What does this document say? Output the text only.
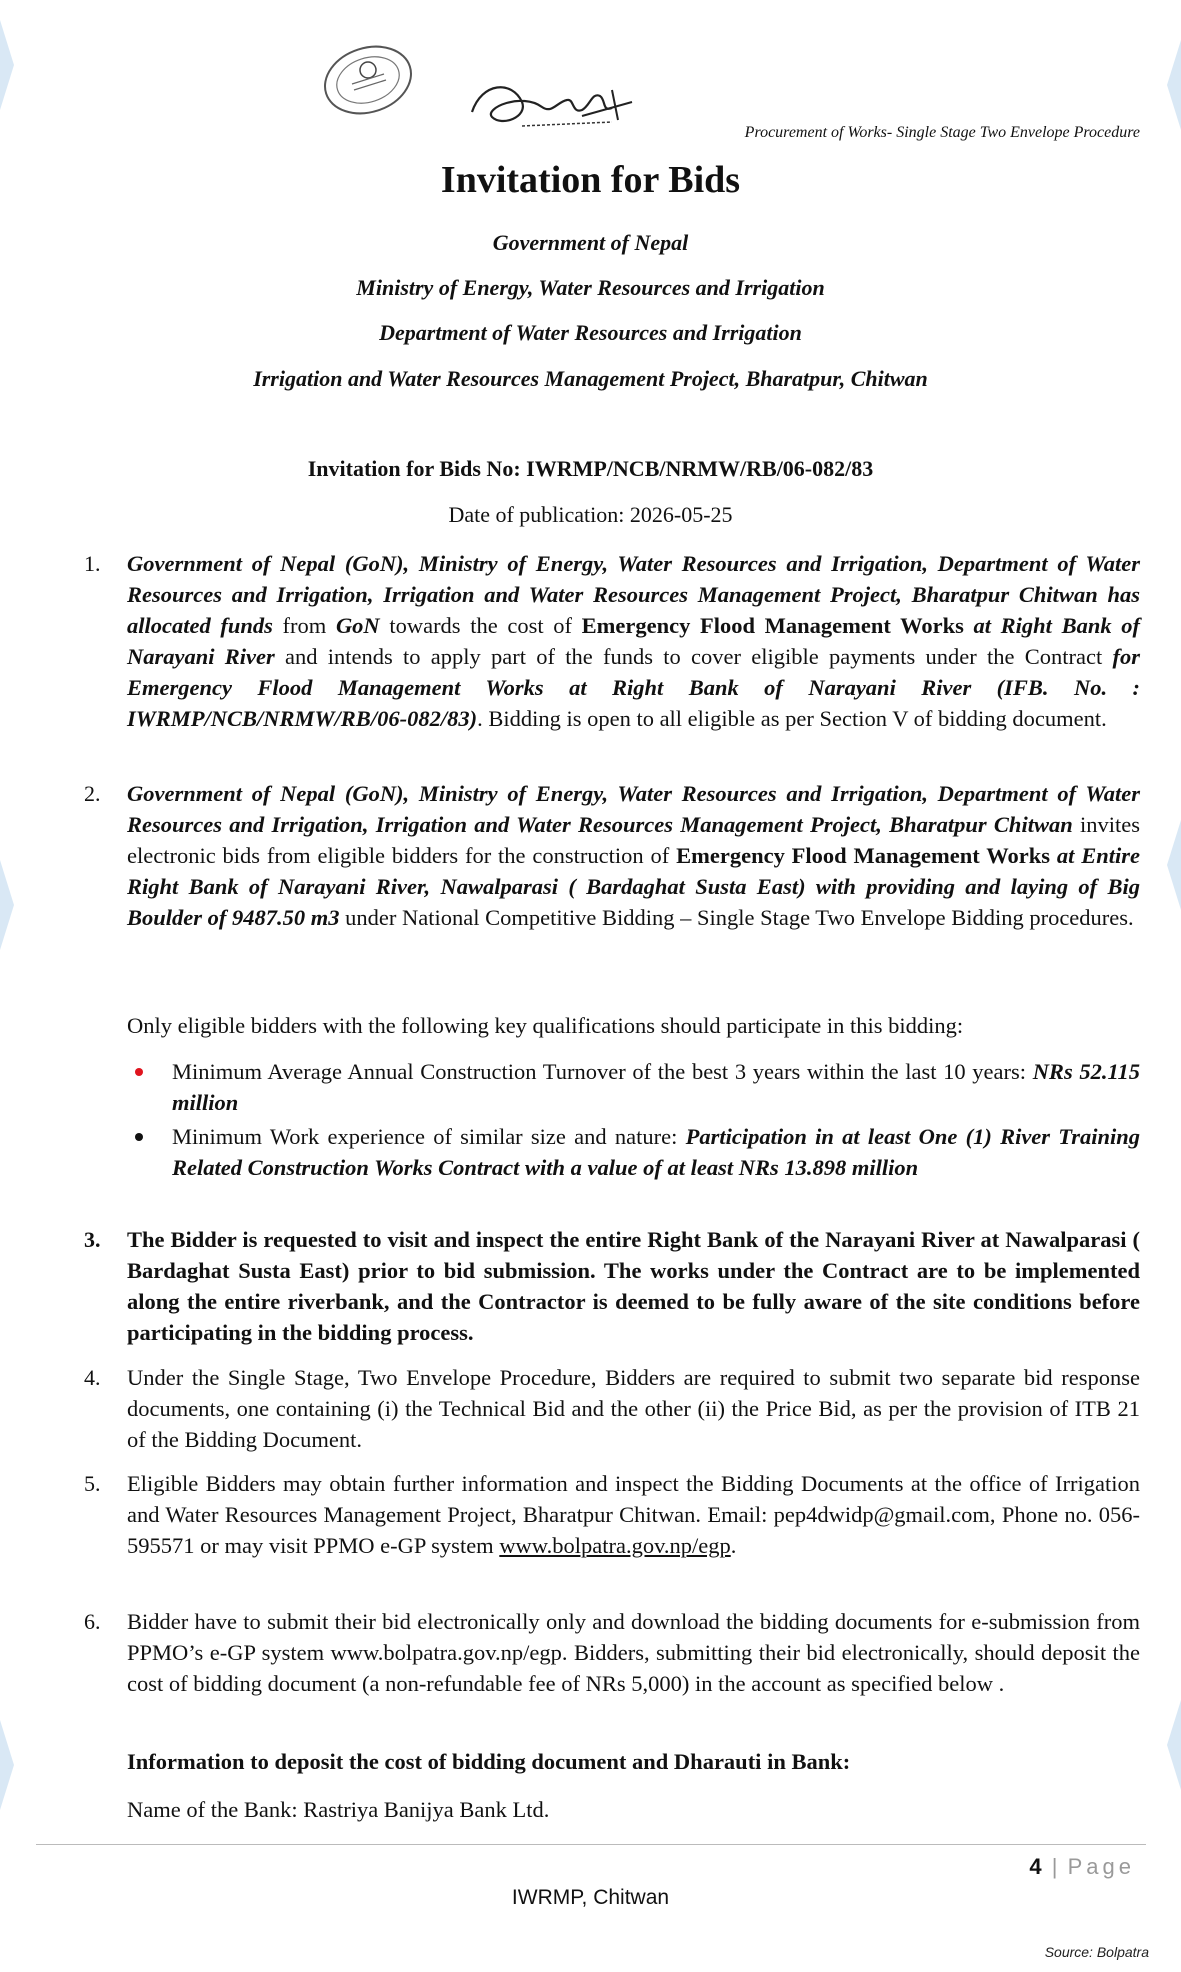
Procurement of Works- Single Stage Two Envelope Procedure
Invitation for Bids

Government of Nepal

Ministry of Energy, Water Resources and Irrigation

Department of Water Resources and Irrigation

Irrigation and Water Resources Management Project, Bharatpur, Chitwan

Invitation for Bids No: IWRMP/NCB/NRMW/RB/06-082/83
Date of publication: 2026-05-25
1. Government of Nepal (GoN), Ministry of Energy, Water Resources and Irrigation, Department of Water Resources and Irrigation, Irrigation and Water Resources Management Project, Bharatpur Chitwan has allocated funds from GoN towards the cost of Emergency Flood Management Works at Right Bank of Narayani River and intends to apply part of the funds to cover eligible payments under the Contract for Emergency Flood Management Works at Right Bank of Narayani River (IFB. No. : IWRMP/NCB/NRMW/RB/06-082/83). Bidding is open to all eligible as per Section V of bidding document.

2. Government of Nepal (GoN), Ministry of Energy, Water Resources and Irrigation, Department of Water Resources and Irrigation, Irrigation and Water Resources Management Project, Bharatpur Chitwan invites electronic bids from eligible bidders for the construction of Emergency Flood Management Works at Entire Right Bank of Narayani River, Nawalparasi ( Bardaghat Susta East) with providing and laying of Big Boulder of 9487.50 m3 under National Competitive Bidding – Single Stage Two Envelope Bidding procedures.

Only eligible bidders with the following key qualifications should participate in this bidding:

Minimum Average Annual Construction Turnover of the best 3 years within the last 10 years: NRs 52.115 million
Minimum Work experience of similar size and nature: Participation in at least One (1) River Training Related Construction Works Contract with a value of at least NRs 13.898 million
3. The Bidder is requested to visit and inspect the entire Right Bank of the Narayani River at Nawalparasi ( Bardaghat Susta East) prior to bid submission. The works under the Contract are to be implemented along the entire riverbank, and the Contractor is deemed to be fully aware of the site conditions before participating in the bidding process.

4. Under the Single Stage, Two Envelope Procedure, Bidders are required to submit two separate bid response documents, one containing (i) the Technical Bid and the other (ii) the Price Bid, as per the provision of ITB 21 of the Bidding Document.

5. Eligible Bidders may obtain further information and inspect the Bidding Documents at the office of Irrigation and Water Resources Management Project, Bharatpur Chitwan. Email: pep4dwidp@gmail.com, Phone no. 056-595571 or may visit PPMO e-GP system www.bolpatra.gov.np/egp.

6. Bidder have to submit their bid electronically only and download the bidding documents for e-submission from PPMO’s e-GP system www.bolpatra.gov.np/egp. Bidders, submitting their bid electronically, should deposit the cost of bidding document (a non-refundable fee of NRs 5,000) in the account as specified below .

Information to deposit the cost of bidding document and Dharauti in Bank:

Name of the Bank: Rastriya Banijya Bank Ltd.

4 | Page
IWRMP, Chitwan
Source: Bolpatra
